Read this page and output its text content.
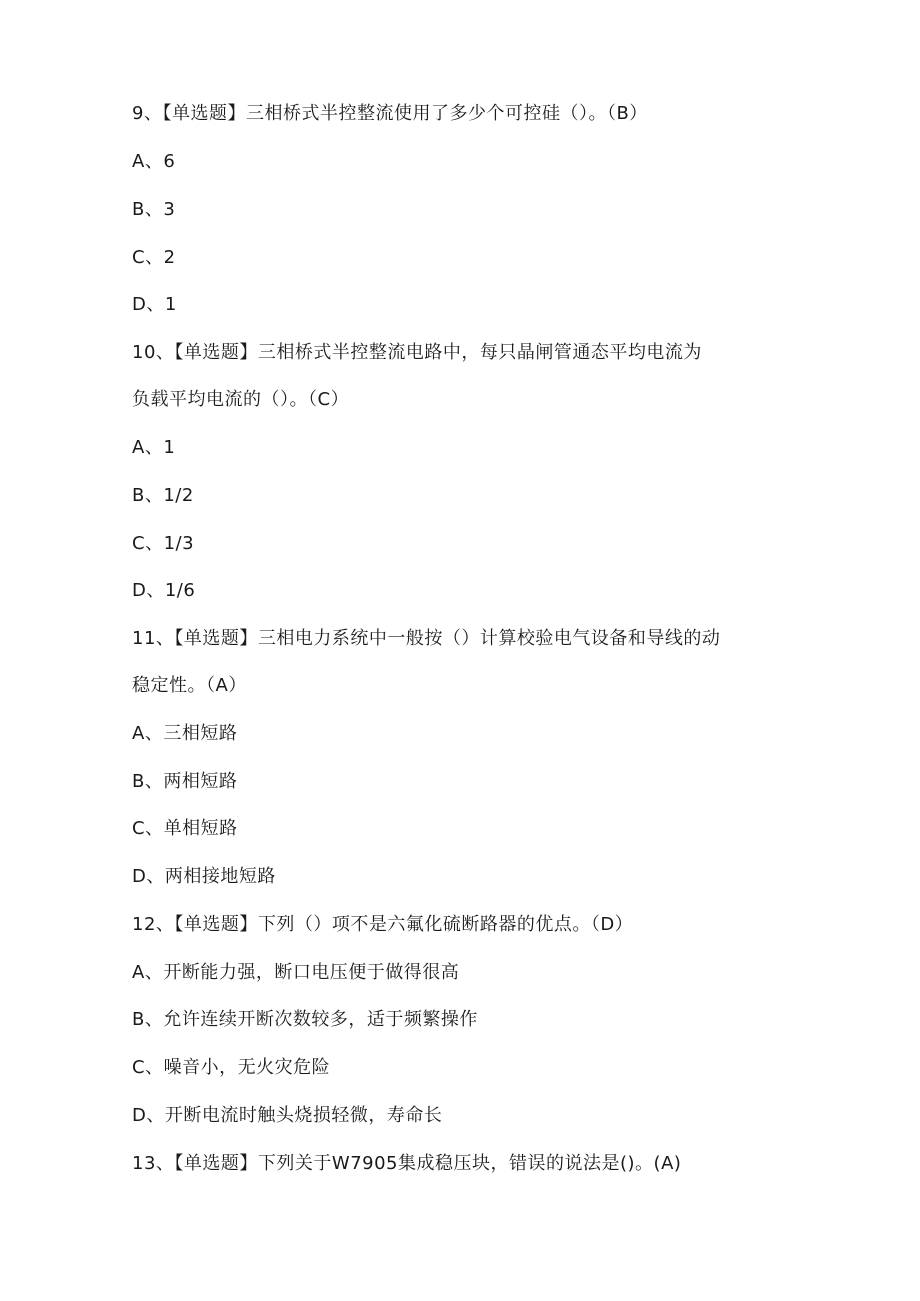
9、【单选题】三相桥式半控整流使用了多少个可控硅（）。（B）
A、6
B、3
C、2
D、1
10、【单选题】三相桥式半控整流电路中，每只晶闸管通态平均电流为
负载平均电流的（）。（C）
A、1
B、1/2
C、1/3
D、1/6
11、【单选题】三相电力系统中一般按（）计算校验电气设备和导线的动
稳定性。（A）
A、三相短路
B、两相短路
C、单相短路
D、两相接地短路
12、【单选题】下列（）项不是六氟化硫断路器的优点。（D）
A、开断能力强，断口电压便于做得很高
B、允许连续开断次数较多，适于频繁操作
C、噪音小，无火灾危险
D、开断电流时触头烧损轻微，寿命长
13、【单选题】下列关于W7905集成稳压块，错误的说法是()。(A)
